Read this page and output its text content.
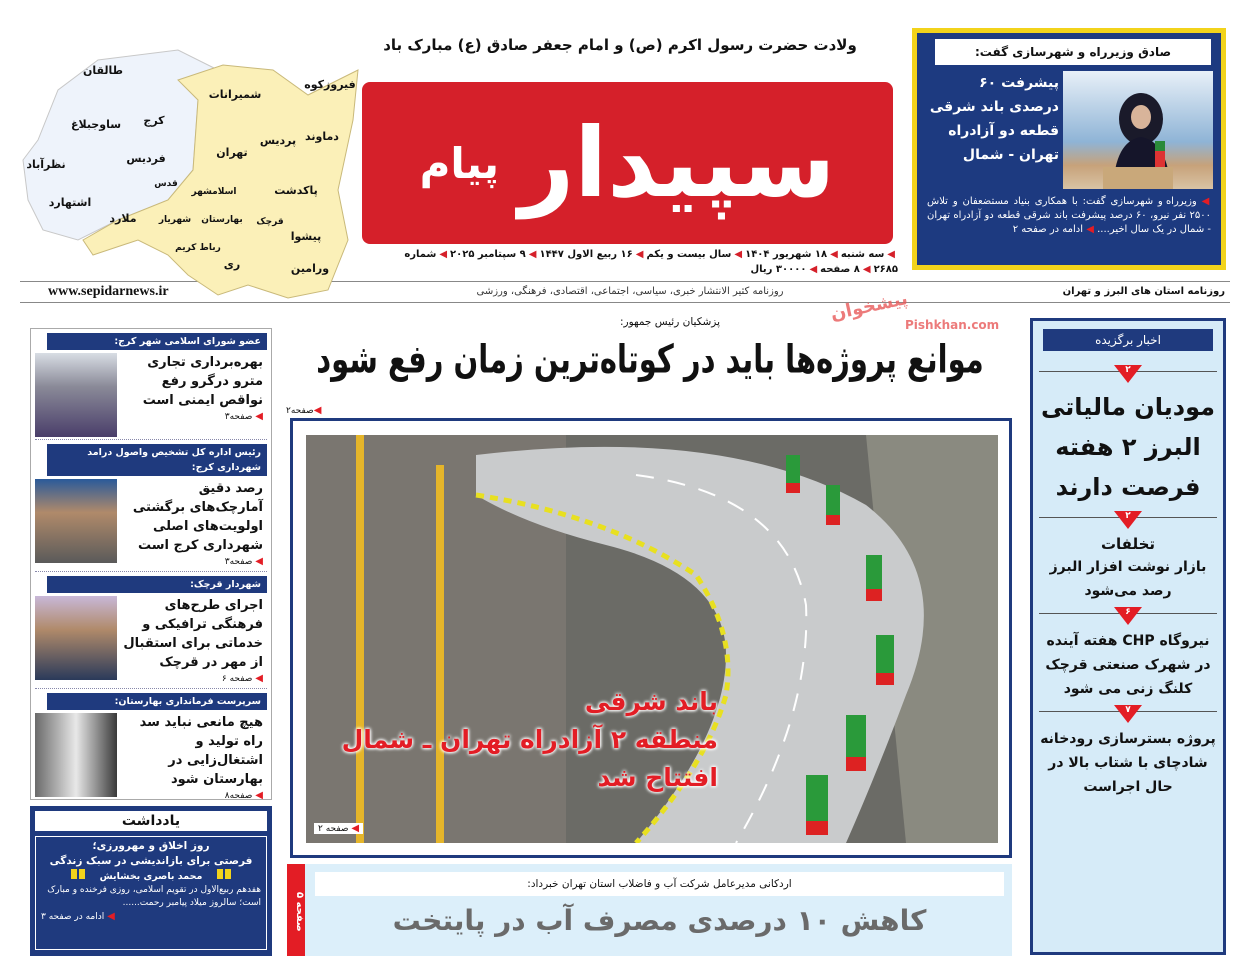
صادق وزیرراه و شهرسازی گفت:
پیشرفت ۶۰ درصدی باند شرقی قطعه دو آزادراه تهران - شمال
◀ وزیرراه و شهرسازی گفت: با همکاری بنیاد مستضعفان و تلاش ۲۵۰۰ نفر نیرو، ۶۰ درصد پیشرفت باند شرقی قطعه دو آزادراه تهران - شمال در یک سال اخیر.... ◀ ادامه در صفحه ۲
ولادت حضرت رسول اکرم (ص) و امام جعفر صادق (ع) مبارک باد
سپیدار
پیام
◀سه شنبه◀۱۸ شهریور ۱۴۰۴◀سال بیست و یکم◀۱۶ ربیع الاول ۱۴۴۷◀۹ سپتامبر ۲۰۲۵◀شماره ۲۶۸۵◀۸ صفحه◀۳۰۰۰۰ ریال
www.sepidarnews.ir	روزنامه کثیر الانتشار خبری، سیاسی، اجتماعی، اقتصادی، فرهنگی، ورزشی	روزنامه استان های البرز و تهران
طالقان
ساوجبلاغ کرج
نظرآباد	فردیس
اشتهارد
ملارد
شمیرانات
تهران
پردیس دماوند
فیروزکوه
قدس
اسلامشهر
شهریار بهارستان
رباط کریم
ری
قرچک
پاکدشت
پیشوا
ورامین
عضو شورای اسلامی شهر کرج:
بهره‌برداری تجاری مترو درگرو رفع نواقص ایمنی است
◀ صفحه۳
رئیس اداره کل تشخیص واصول درامد شهرداری کرج:
رصد دقیق آمارچک‌های برگشتی اولویت‌های اصلی شهرداری کرج است
◀ صفحه۳
شهردار قرچک:
اجرای طرح‌های فرهنگی ترافیکی و خدماتی برای استقبال از مهر در قرچک
◀ صفحه ۶
سرپرست فرمانداری بهارستان:
هیچ مانعی نباید سد راه تولید و اشتغال‌زایی در بهارستان شود
◀ صفحه۸
یادداشت
روز اخلاق و مهرورزی؛
فرصتی برای بازاندیشی در سبک زندگی
محمد باصری بخشایش
هفدهم ربیع‌الاول در تقویم اسلامی، روزی فرخنده و مبارک است؛ سالروز میلاد پیامبر رحمت......
◀ ادامه در صفحه ۳
پزشکیان رئیس جمهور:	پیشخوان
Pishkhan.com
موانع پروژه‌ها باید در کوتاه‌ترین زمان رفع شود
◀صفحه۲
باند شرقی
منطقه ۲ آزادراه تهران ـ شمال
افتتاح شد
◀ صفحه ۲
صفحه ۵
اردکانی مدیرعامل شرکت آب و فاضلاب استان تهران خبرداد:
کاهش ۱۰ درصدی مصرف آب در پایتخت
اخبار برگزیده
۲
مودیان مالیاتی البرز ۲ هفته فرصت دارند
۲
تخلفات
بازار نوشت افزار البرز رصد می‌شود
۶
نیروگاه CHP هفته آینده در شهرک صنعتی قرچک کلنگ زنی می شود
۷
پروژه بسترسازی رودخانه شادچای با شتاب بالا در حال اجراست
